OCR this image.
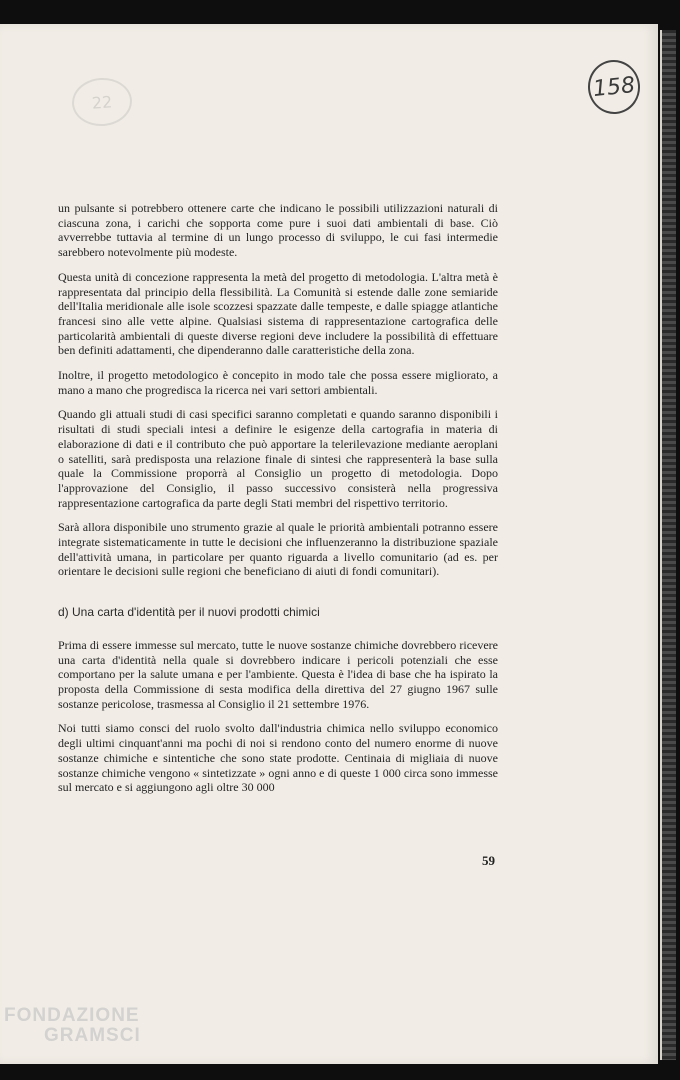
22
158

un pulsante si potrebbero ottenere carte che indicano le possibili utilizzazioni naturali di ciascuna zona, i carichi che sopporta come pure i suoi dati ambientali di base. Ciò avverrebbe tuttavia al termine di un lungo processo di sviluppo, le cui fasi intermedie sarebbero notevolmente più modeste.

Questa unità di concezione rappresenta la metà del progetto di metodologia. L'altra metà è rappresentata dal principio della flessibilità. La Comunità si estende dalle zone semiaride dell'Italia meridionale alle isole scozzesi spazzate dalle tempeste, e dalle spiagge atlantiche francesi sino alle vette alpine. Qualsiasi sistema di rappresentazione cartografica delle particolarità ambientali di queste diverse regioni deve includere la possibilità di effettuare ben definiti adattamenti, che dipenderanno dalle caratteristiche della zona.

Inoltre, il progetto metodologico è concepito in modo tale che possa essere migliorato, a mano a mano che progredisca la ricerca nei vari settori ambientali.

Quando gli attuali studi di casi specifici saranno completati e quando saranno disponibili i risultati di studi speciali intesi a definire le esigenze della cartografia in materia di elaborazione di dati e il contributo che può apportare la telerilevazione mediante aeroplani o satelliti, sarà predisposta una relazione finale di sintesi che rappresenterà la base sulla quale la Commissione proporrà al Consiglio un progetto di metodologia. Dopo l'approvazione del Consiglio, il passo successivo consisterà nella progressiva rappresentazione cartografica da parte degli Stati membri del rispettivo territorio.

Sarà allora disponibile uno strumento grazie al quale le priorità ambientali potranno essere integrate sistematicamente in tutte le decisioni che influenzeranno la distribuzione spaziale dell'attività umana, in particolare per quanto riguarda a livello comunitario (ad es. per orientare le decisioni sulle regioni che beneficiano di aiuti di fondi comunitari).

d) Una carta d'identità per il nuovi prodotti chimici

Prima di essere immesse sul mercato, tutte le nuove sostanze chimiche dovrebbero ricevere una carta d'identità nella quale si dovrebbero indicare i pericoli potenziali che esse comportano per la salute umana e per l'ambiente. Questa è l'idea di base che ha ispirato la proposta della Commissione di sesta modifica della direttiva del 27 giugno 1967 sulle sostanze pericolose, trasmessa al Consiglio il 21 settembre 1976.

Noi tutti siamo consci del ruolo svolto dall'industria chimica nello sviluppo economico degli ultimi cinquant'anni ma pochi di noi si rendono conto del numero enorme di nuove sostanze chimiche e sintentiche che sono state prodotte. Centinaia di migliaia di nuove sostanze chimiche vengono « sintetizzate » ogni anno e di queste 1 000 circa sono immesse sul mercato e si aggiungono agli oltre 30 000

59
FONDAZIONE
GRAMSCI
